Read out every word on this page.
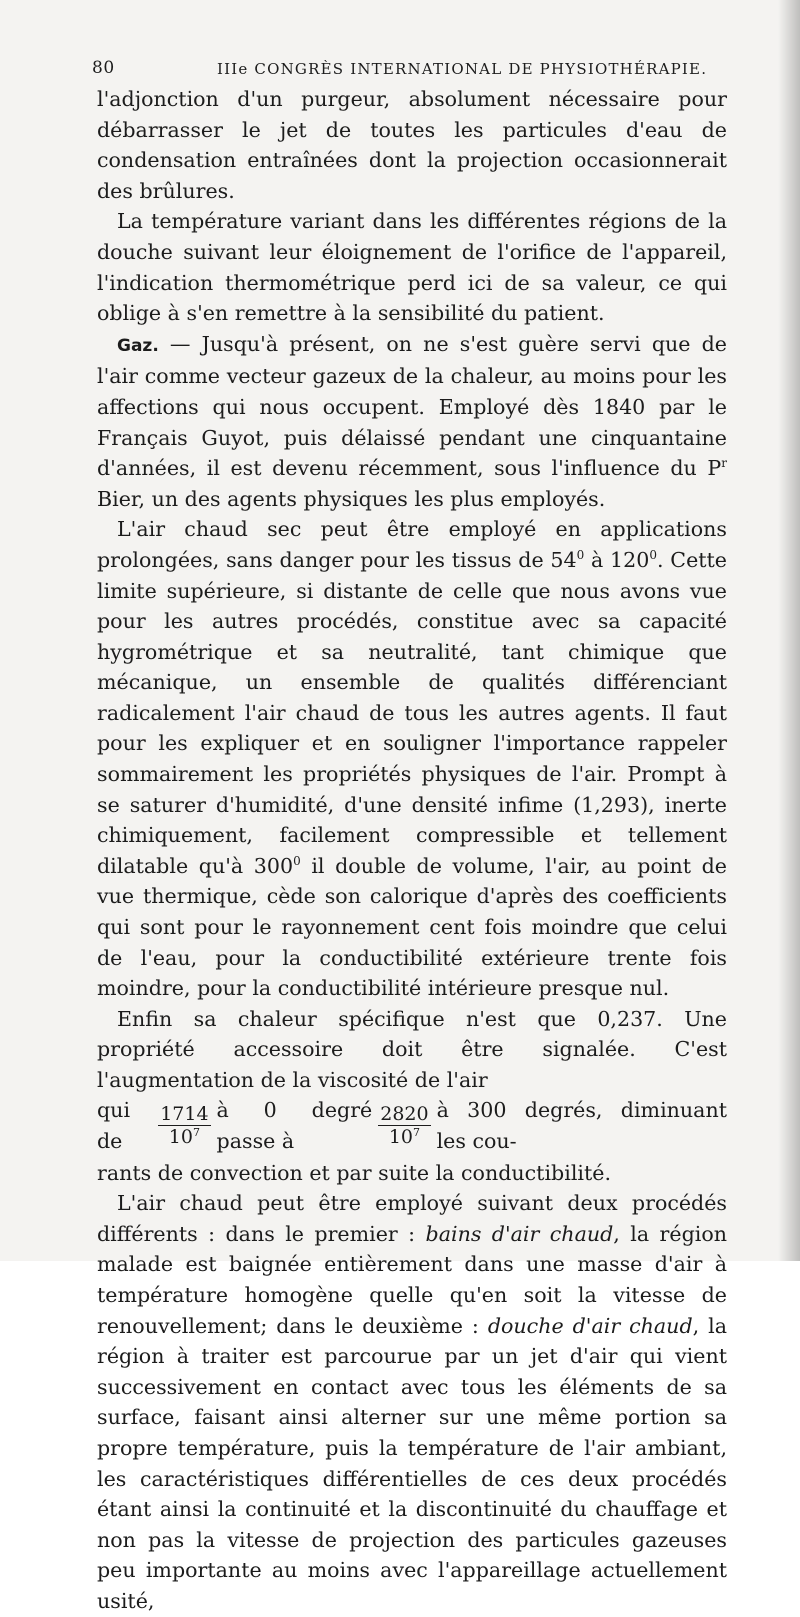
80	IIIe CONGRÈS INTERNATIONAL DE PHYSIOTHÉRAPIE.

l'adjonction d'un purgeur, absolument nécessaire pour débarrasser le jet de toutes les particules d'eau de condensation entraînées dont la projection occasionnerait des brûlures.

La température variant dans les différentes régions de la douche suivant leur éloignement de l'orifice de l'appareil, l'indication thermométrique perd ici de sa valeur, ce qui oblige à s'en remettre à la sensibilité du patient.

Gaz. — Jusqu'à présent, on ne s'est guère servi que de l'air comme vecteur gazeux de la chaleur, au moins pour les affections qui nous occupent. Employé dès 1840 par le Français Guyot, puis délaissé pendant une cinquantaine d'années, il est devenu récemment, sous l'influence du $P^r$ Bier, un des agents physiques les plus employés.

L'air chaud sec peut être employé en applications prolongées, sans danger pour les tissus de $54^0$ à $120^0$. Cette limite supérieure, si distante de celle que nous avons vue pour les autres procédés, constitue avec sa capacité hygrométrique et sa neutralité, tant chimique que mécanique, un ensemble de qualités différenciant radicalement l'air chaud de tous les autres agents. Il faut pour les expliquer et en souligner l'importance rappeler sommairement les propriétés physiques de l'air. Prompt à se saturer d'humidité, d'une densité infime (1,293), inerte chimiquement, facilement compressible et tellement dilatable qu'à $300^0$ il double de volume, l'air, au point de vue thermique, cède son calorique d'après des coefficients qui sont pour le rayonnement cent fois moindre que celui de l'eau, pour la conductibilité extérieure trente fois moindre, pour la conductibilité intérieure presque nul.

Enfin sa chaleur spécifique n'est que 0,237. Une propriété accessoire doit être signalée. C'est l'augmentation de la viscosité de l'air

qui de	$\frac{1714}{10^7}$ à 0 degré passe à	$\frac{2820}{10^7}$ à 300 degrés, diminuant les cou-

rants de convection et par suite la conductibilité.

L'air chaud peut être employé suivant deux procédés différents : dans le premier : bains d'air chaud, la région malade est baignée entièrement dans une masse d'air à température homogène quelle qu'en soit la vitesse de renouvellement; dans le deuxième : douche d'air chaud, la région à traiter est parcourue par un jet d'air qui vient successivement en contact avec tous les éléments de sa surface, faisant ainsi alterner sur une même portion sa propre température, puis la température de l'air ambiant, les caractéristiques différentielles de ces deux procédés étant ainsi la continuité et la discontinuité du chauffage et non pas la vitesse de projection des particules gazeuses peu importante au moins avec l'appareillage actuellement usité,
